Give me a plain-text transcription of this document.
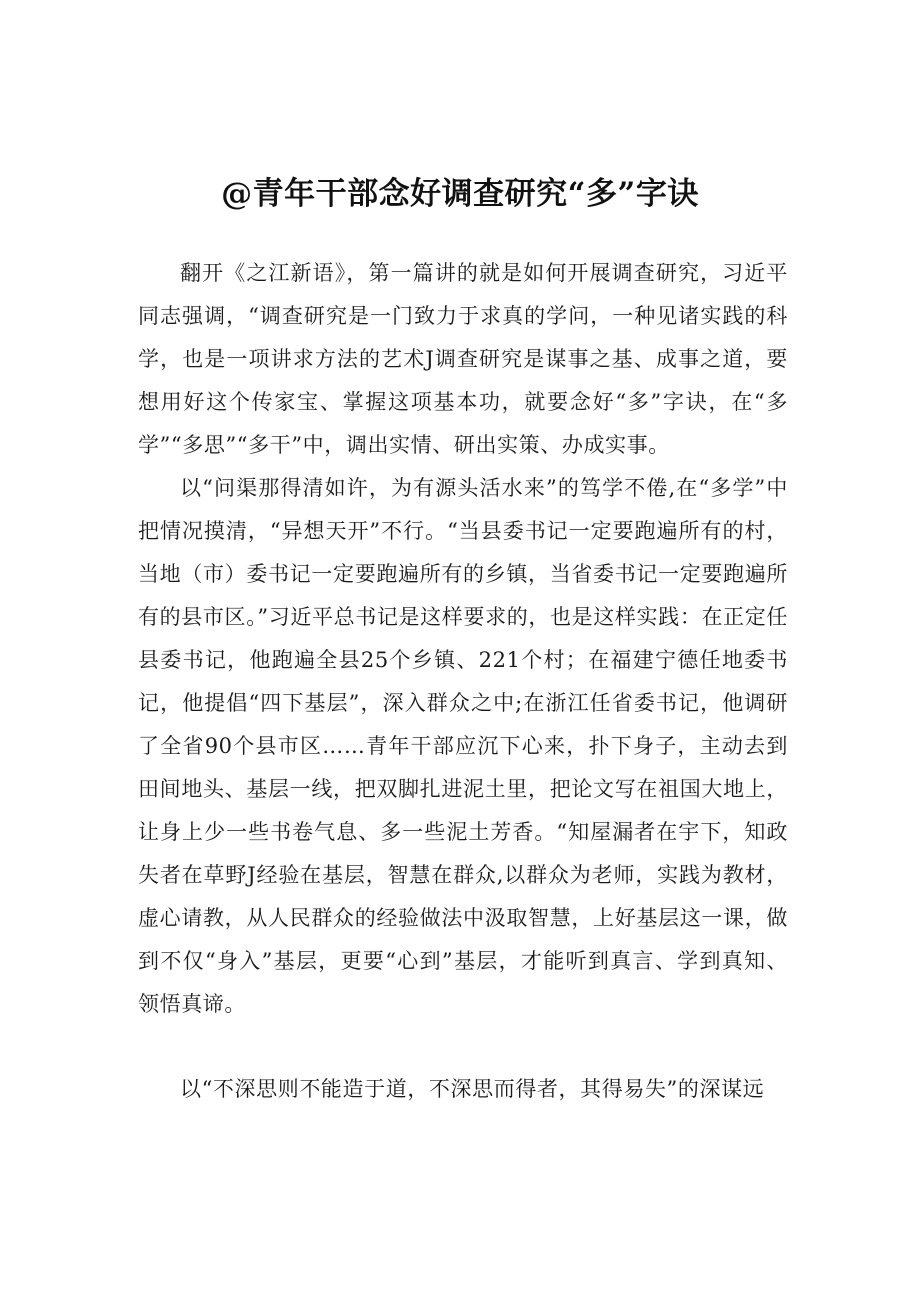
@青年干部念好调查研究“多”字诀

翻开《之江新语》，第一篇讲的就是如何开展调查研究，习近平同志强调，“调查研究是一门致力于求真的学问，一种见诸实践的科学，也是一项讲求方法的艺术J调查研究是谋事之基、成事之道，要想用好这个传家宝、掌握这项基本功，就要念好“多”字诀，在“多学”“多思”“多干”中，调出实情、研出实策、办成实事。

以“问渠那得清如许，为有源头活水来”的笃学不倦,在“多学”中把情况摸清，“异想天开”不行。“当县委书记一定要跑遍所有的村，当地（市）委书记一定要跑遍所有的乡镇，当省委书记一定要跑遍所有的县市区。”习近平总书记是这样要求的，也是这样实践：在正定任县委书记，他跑遍全县25个乡镇、221个村；在福建宁德任地委书记，他提倡“四下基层”，深入群众之中;在浙江任省委书记，他调研了全省90个县市区……青年干部应沉下心来，扑下身子，主动去到田间地头、基层一线，把双脚扎进泥土里，把论文写在祖国大地上，让身上少一些书卷气息、多一些泥土芳香。“知屋漏者在宇下，知政失者在草野J经验在基层，智慧在群众,以群众为老师，实践为教材，虚心请教，从人民群众的经验做法中汲取智慧，上好基层这一课，做到不仅“身入”基层，更要“心到”基层，才能听到真言、学到真知、领悟真谛。

以“不深思则不能造于道，不深思而得者，其得易失”的深谋远
